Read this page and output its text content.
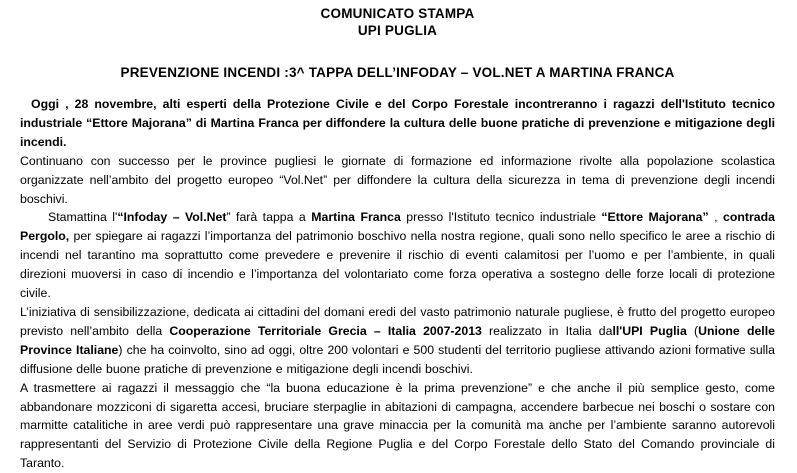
COMUNICATO STAMPA

UPI PUGLIA

PREVENZIONE INCENDI :3^ TAPPA DELL’INFODAY – VOL.NET A MARTINA FRANCA

Oggi , 28 novembre, alti esperti della Protezione Civile e del Corpo Forestale incontreranno i ragazzi dell'Istituto tecnico industriale “Ettore Majorana” di Martina Franca per diffondere la cultura delle buone pratiche di prevenzione e mitigazione degli incendi.

Continuano con successo per le province pugliesi le giornate di formazione ed informazione rivolte alla popolazione scolastica organizzate nell’ambito del progetto europeo “Vol.Net” per diffondere la cultura della sicurezza in tema di prevenzione degli incendi boschivi.

Stamattina l'“Infoday – Vol.Net” farà tappa a Martina Franca presso l'Istituto tecnico industriale “Ettore Majorana” , contrada Pergolo, per spiegare ai ragazzi l’importanza del patrimonio boschivo nella nostra regione, quali sono nello specifico le aree a rischio di incendi nel tarantino ma soprattutto come prevedere e prevenire il rischio di eventi calamitosi per l’uomo e per l’ambiente, in quali direzioni muoversi in caso di incendio e l’importanza del volontariato come forza operativa a sostegno delle forze locali di protezione civile.

L’iniziativa di sensibilizzazione, dedicata ai cittadini del domani eredi del vasto patrimonio naturale pugliese, è frutto del progetto europeo previsto nell’ambito della Cooperazione Territoriale Grecia – Italia 2007-2013 realizzato in Italia dall'UPI Puglia (Unione delle Province Italiane) che ha coinvolto, sino ad oggi, oltre 200 volontari e 500 studenti del territorio pugliese attivando azioni formative sulla diffusione delle buone pratiche di prevenzione e mitigazione degli incendi boschivi.

A trasmettere ai ragazzi il messaggio che “la buona educazione è la prima prevenzione” e che anche il più semplice gesto, come abbandonare mozziconi di sigaretta accesi, bruciare sterpaglie in abitazioni di campagna, accendere barbecue nei boschi o sostare con marmitte catalitiche in aree verdi può rappresentare una grave minaccia per la comunità ma anche per l’ambiente saranno autorevoli rappresentanti del Servizio di Protezione Civile della Regione Puglia e del Corpo Forestale dello Stato del Comando provinciale di Taranto.
